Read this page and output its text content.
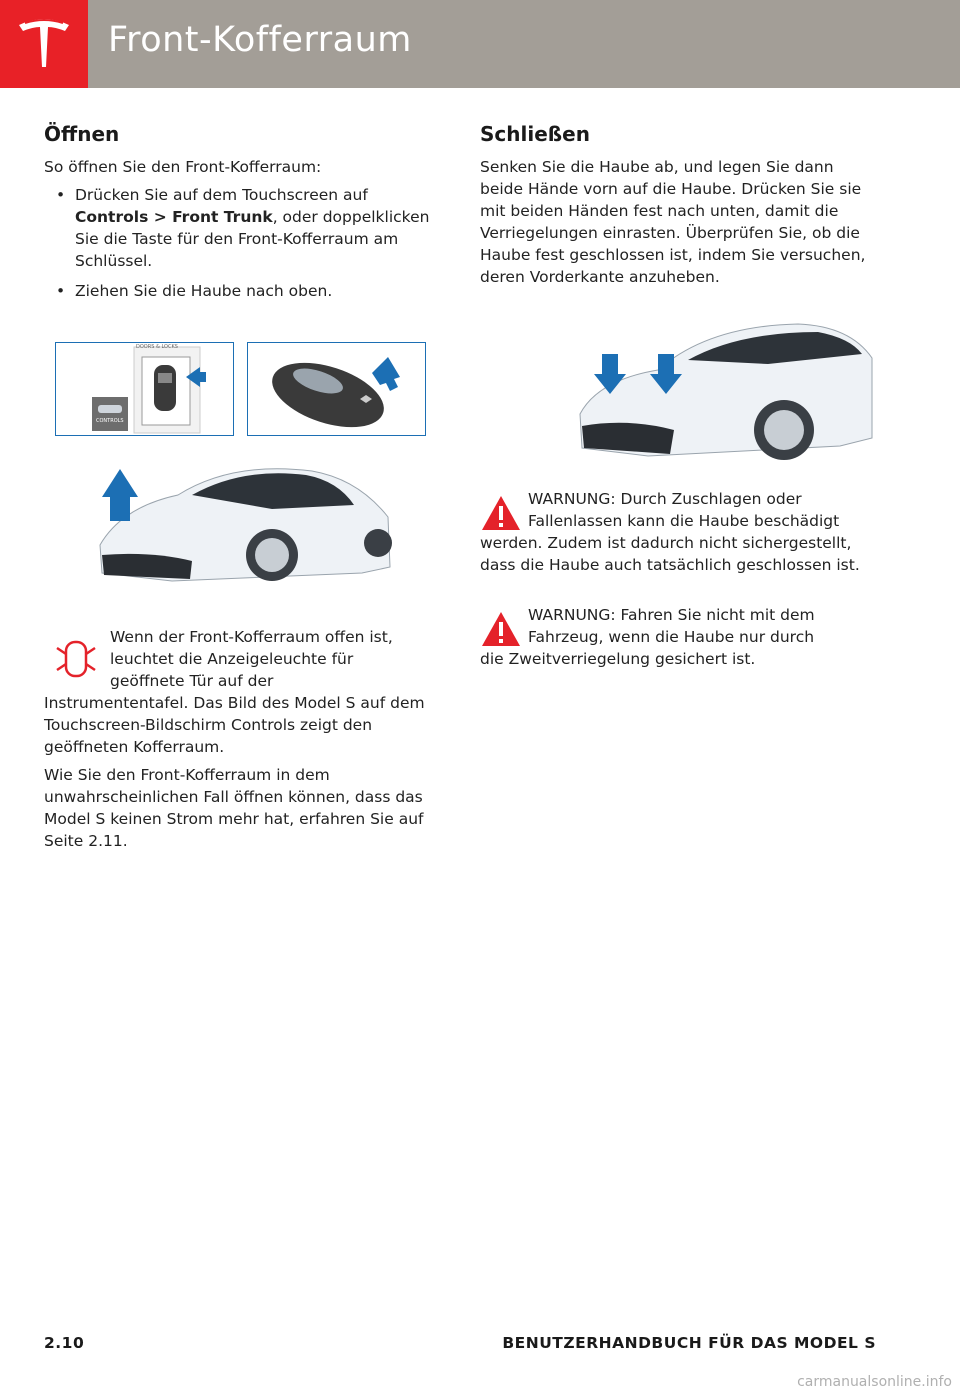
Front-Kofferraum
Öffnen

So öffnen Sie den Front-Kofferraum:

• Drücken Sie auf dem Touchscreen auf Controls > Front Trunk, oder doppelklicken Sie die Taste für den Front-Kofferraum am Schlüssel.
• Ziehen Sie die Haube nach oben.
DOORS & LOCKS
CONTROLS
Wenn der Front-Kofferraum offen ist,
leuchtet die Anzeigeleuchte für
geöffnete Tür auf der
Instrumententafel. Das Bild des Model S auf dem Touchscreen-Bildschirm Controls zeigt den geöffneten Kofferraum.

Wie Sie den Front-Kofferraum in dem unwahrscheinlichen Fall öffnen können, dass das Model S keinen Strom mehr hat, erfahren Sie auf Seite 2.11.

Schließen

Senken Sie die Haube ab, und legen Sie dann beide Hände vorn auf die Haube. Drücken Sie sie mit beiden Händen fest nach unten, damit die Verriegelungen einrasten. Überprüfen Sie, ob die Haube fest geschlossen ist, indem Sie versuchen, deren Vorderkante anzuheben.

WARNUNG: Durch Zuschlagen oder
Fallenlassen kann die Haube beschädigt
werden. Zudem ist dadurch nicht sichergestellt, dass die Haube auch tatsächlich geschlossen ist.
WARNUNG: Fahren Sie nicht mit dem
Fahrzeug, wenn die Haube nur durch
die Zweitverriegelung gesichert ist.
2.10	BENUTZERHANDBUCH FÜR DAS MODEL S
carmanualsonline.info
